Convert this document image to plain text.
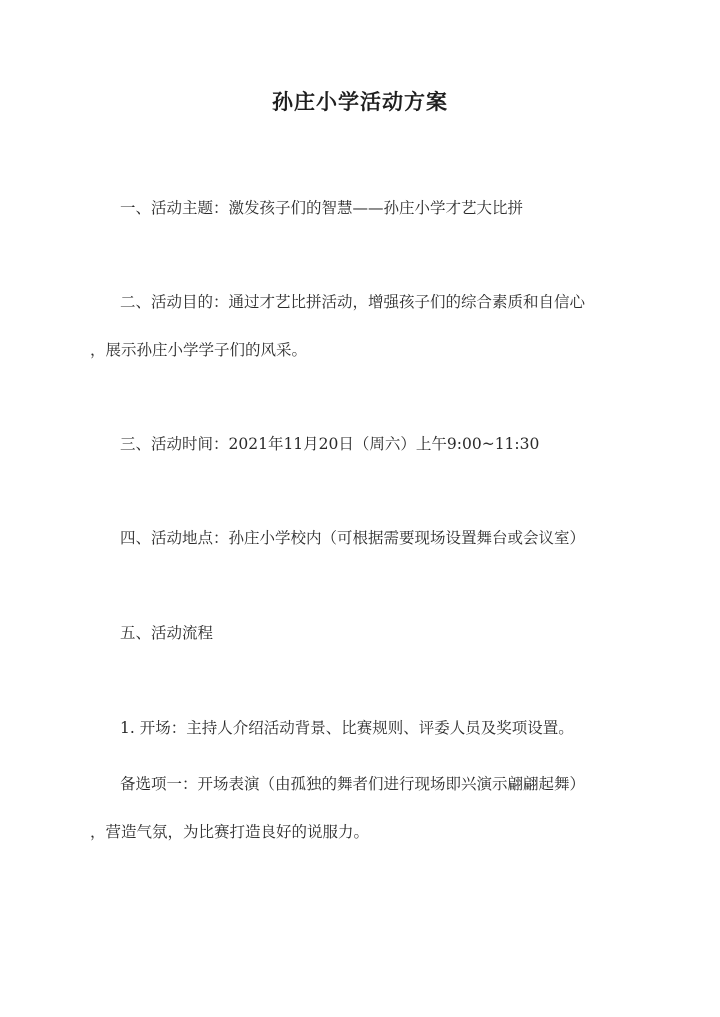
孙庄小学活动方案
一、活动主题：激发孩子们的智慧——孙庄小学才艺大比拼
二、活动目的：通过才艺比拼活动，增强孩子们的综合素质和自信心
，展示孙庄小学学子们的风采。
三、活动时间：2021年11月20日（周六）上午9:00~11:30
四、活动地点：孙庄小学校内（可根据需要现场设置舞台或会议室）
五、活动流程
1. 开场：主持人介绍活动背景、比赛规则、评委人员及奖项设置。
备选项一：开场表演（由孤独的舞者们进行现场即兴演示翩翩起舞）
，营造气氛，为比赛打造良好的说服力。
